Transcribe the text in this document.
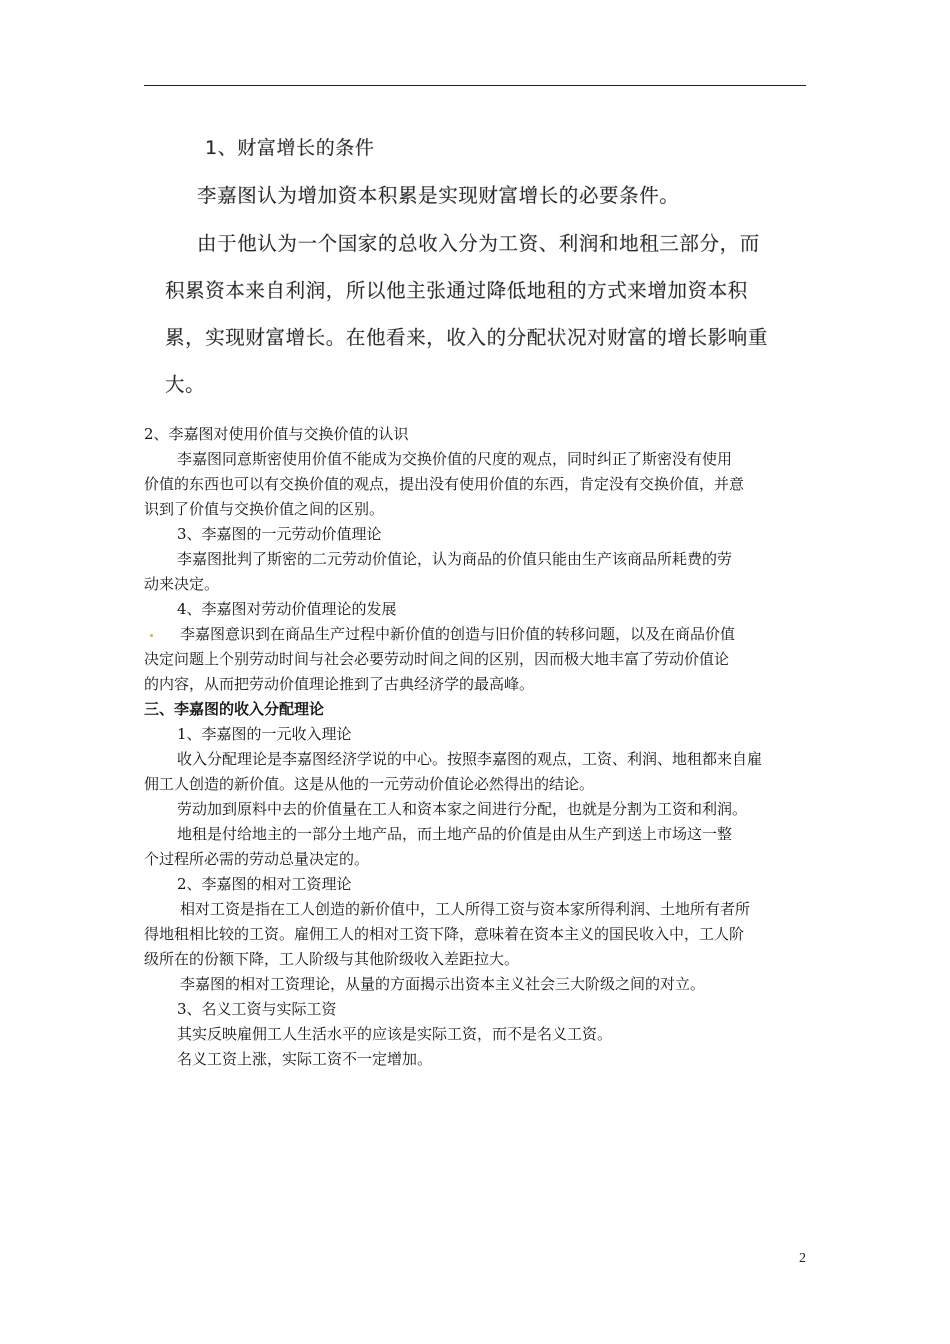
1、财富增长的条件
李嘉图认为增加资本积累是实现财富增长的必要条件。
由于他认为一个国家的总收入分为工资、利润和地租三部分，而
积累资本来自利润，所以他主张通过降低地租的方式来增加资本积
累，实现财富增长。在他看来，收入的分配状况对财富的增长影响重
大。
2、李嘉图对使用价值与交换价值的认识
李嘉图同意斯密使用价值不能成为交换价值的尺度的观点，同时纠正了斯密没有使用
价值的东西也可以有交换价值的观点，提出没有使用价值的东西，肯定没有交换价值，并意
识到了价值与交换价值之间的区别。
3、李嘉图的一元劳动价值理论
李嘉图批判了斯密的二元劳动价值论，认为商品的价值只能由生产该商品所耗费的劳
动来决定。
4、李嘉图对劳动价值理论的发展
李嘉图意识到在商品生产过程中新价值的创造与旧价值的转移问题，以及在商品价值
决定问题上个别劳动时间与社会必要劳动时间之间的区别，因而极大地丰富了劳动价值论
的内容，从而把劳动价值理论推到了古典经济学的最高峰。
三、李嘉图的收入分配理论
1、李嘉图的一元收入理论
收入分配理论是李嘉图经济学说的中心。按照李嘉图的观点，工资、利润、地租都来自雇
佣工人创造的新价值。这是从他的一元劳动价值论必然得出的结论。
劳动加到原料中去的价值量在工人和资本家之间进行分配，也就是分割为工资和利润。
地租是付给地主的一部分土地产品，而土地产品的价值是由从生产到送上市场这一整
个过程所必需的劳动总量决定的。
2、李嘉图的相对工资理论
相对工资是指在工人创造的新价值中，工人所得工资与资本家所得利润、土地所有者所
得地租相比较的工资。雇佣工人的相对工资下降，意味着在资本主义的国民收入中，工人阶
级所在的份额下降，工人阶级与其他阶级收入差距拉大。
李嘉图的相对工资理论，从量的方面揭示出资本主义社会三大阶级之间的对立。
3、名义工资与实际工资
其实反映雇佣工人生活水平的应该是实际工资，而不是名义工资。
名义工资上涨，实际工资不一定增加。
2
